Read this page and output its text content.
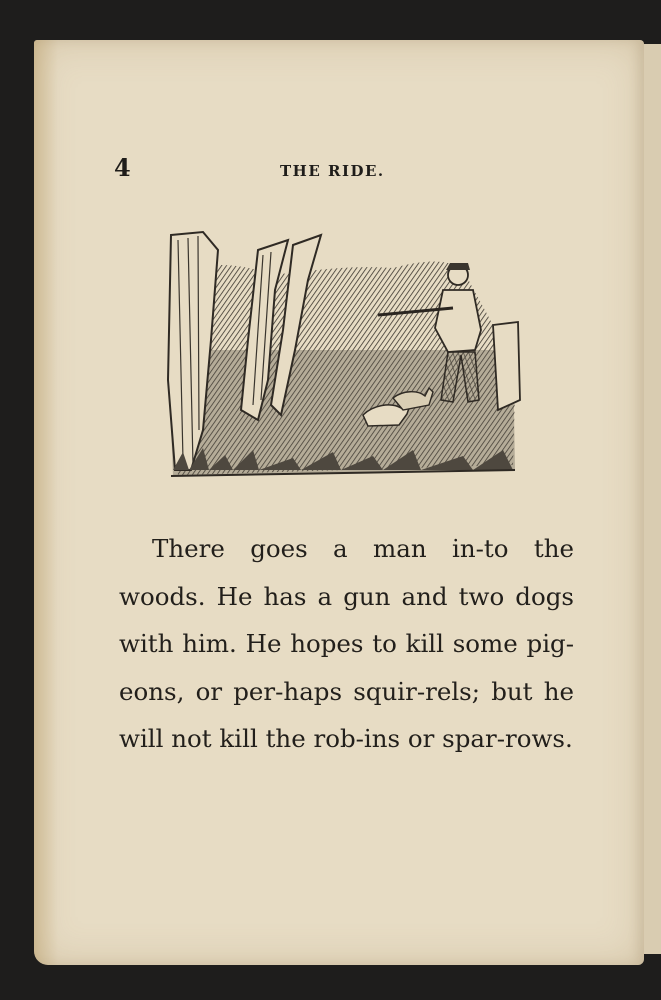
4	THE RIDE.

There goes a man in-to the woods. He has a gun and two dogs with him. He hopes to kill some pig-eons, or per-haps squir-rels; but he will not kill the rob-ins or spar-rows.
